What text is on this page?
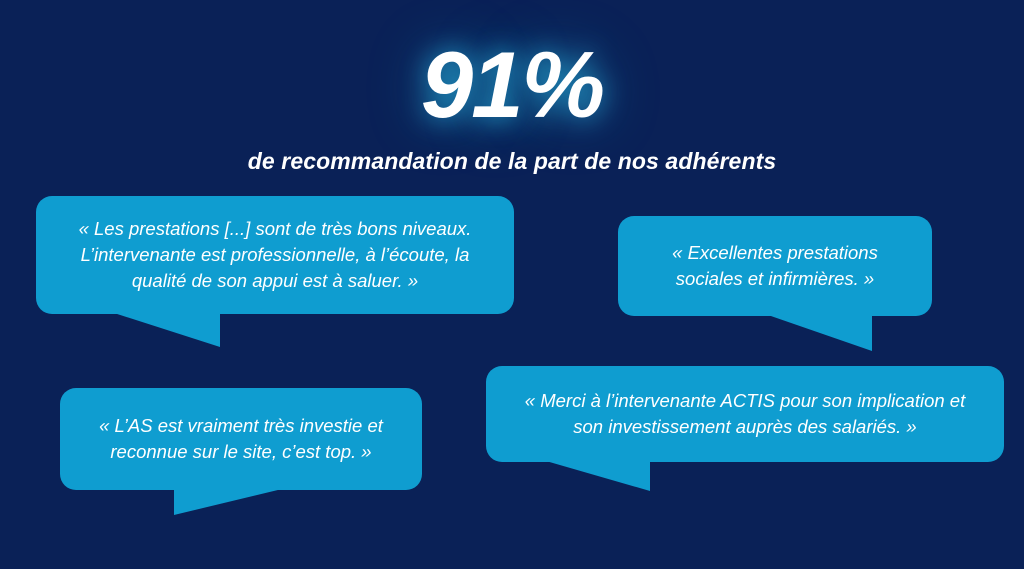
91%
de recommandation de la part de nos adhérents

« Les prestations [...] sont de très bons niveaux. L’intervenante est professionnelle, à l’écoute, la qualité de son appui est à saluer. »

« Excellentes prestations sociales et infirmières. »

« L’AS est vraiment très investie et reconnue sur le site, c’est top. »

« Merci à l’intervenante ACTIS pour son implication et son investissement auprès des salariés. »
